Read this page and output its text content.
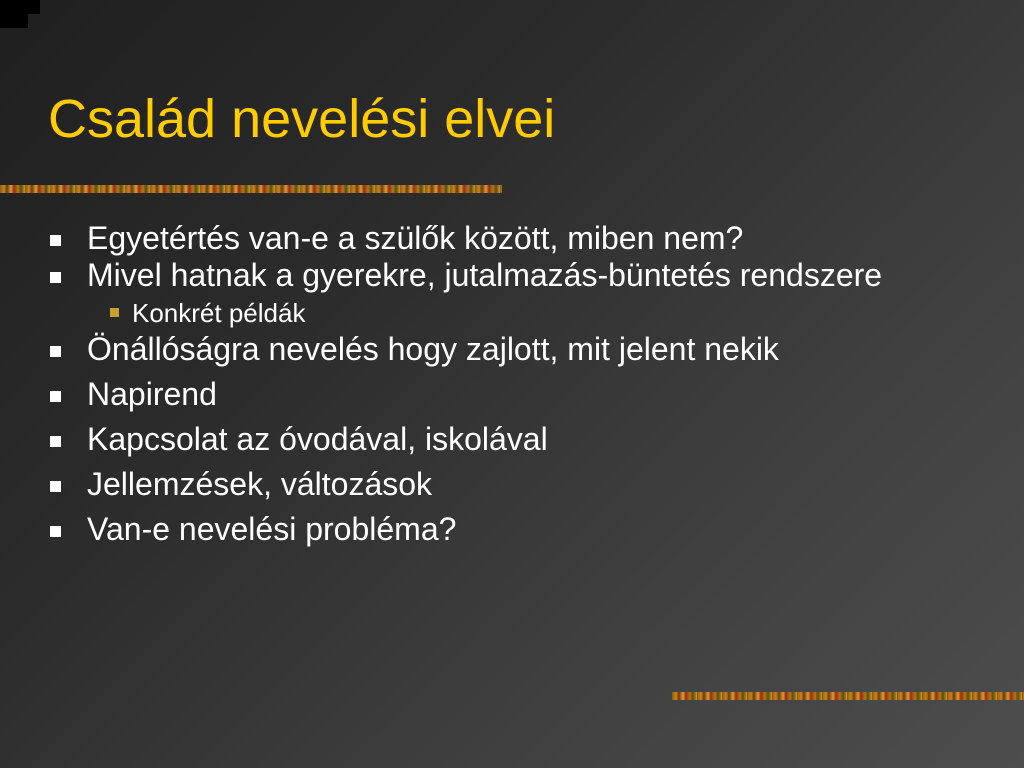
Család nevelési elvei
Egyetértés van-e a szülők között, miben nem?
Mivel hatnak a gyerekre, jutalmazás-büntetés rendszere
Konkrét példák
Önállóságra nevelés hogy zajlott, mit jelent nekik
Napirend
Kapcsolat az óvodával, iskolával
Jellemzések, változások
Van-e nevelési probléma?
